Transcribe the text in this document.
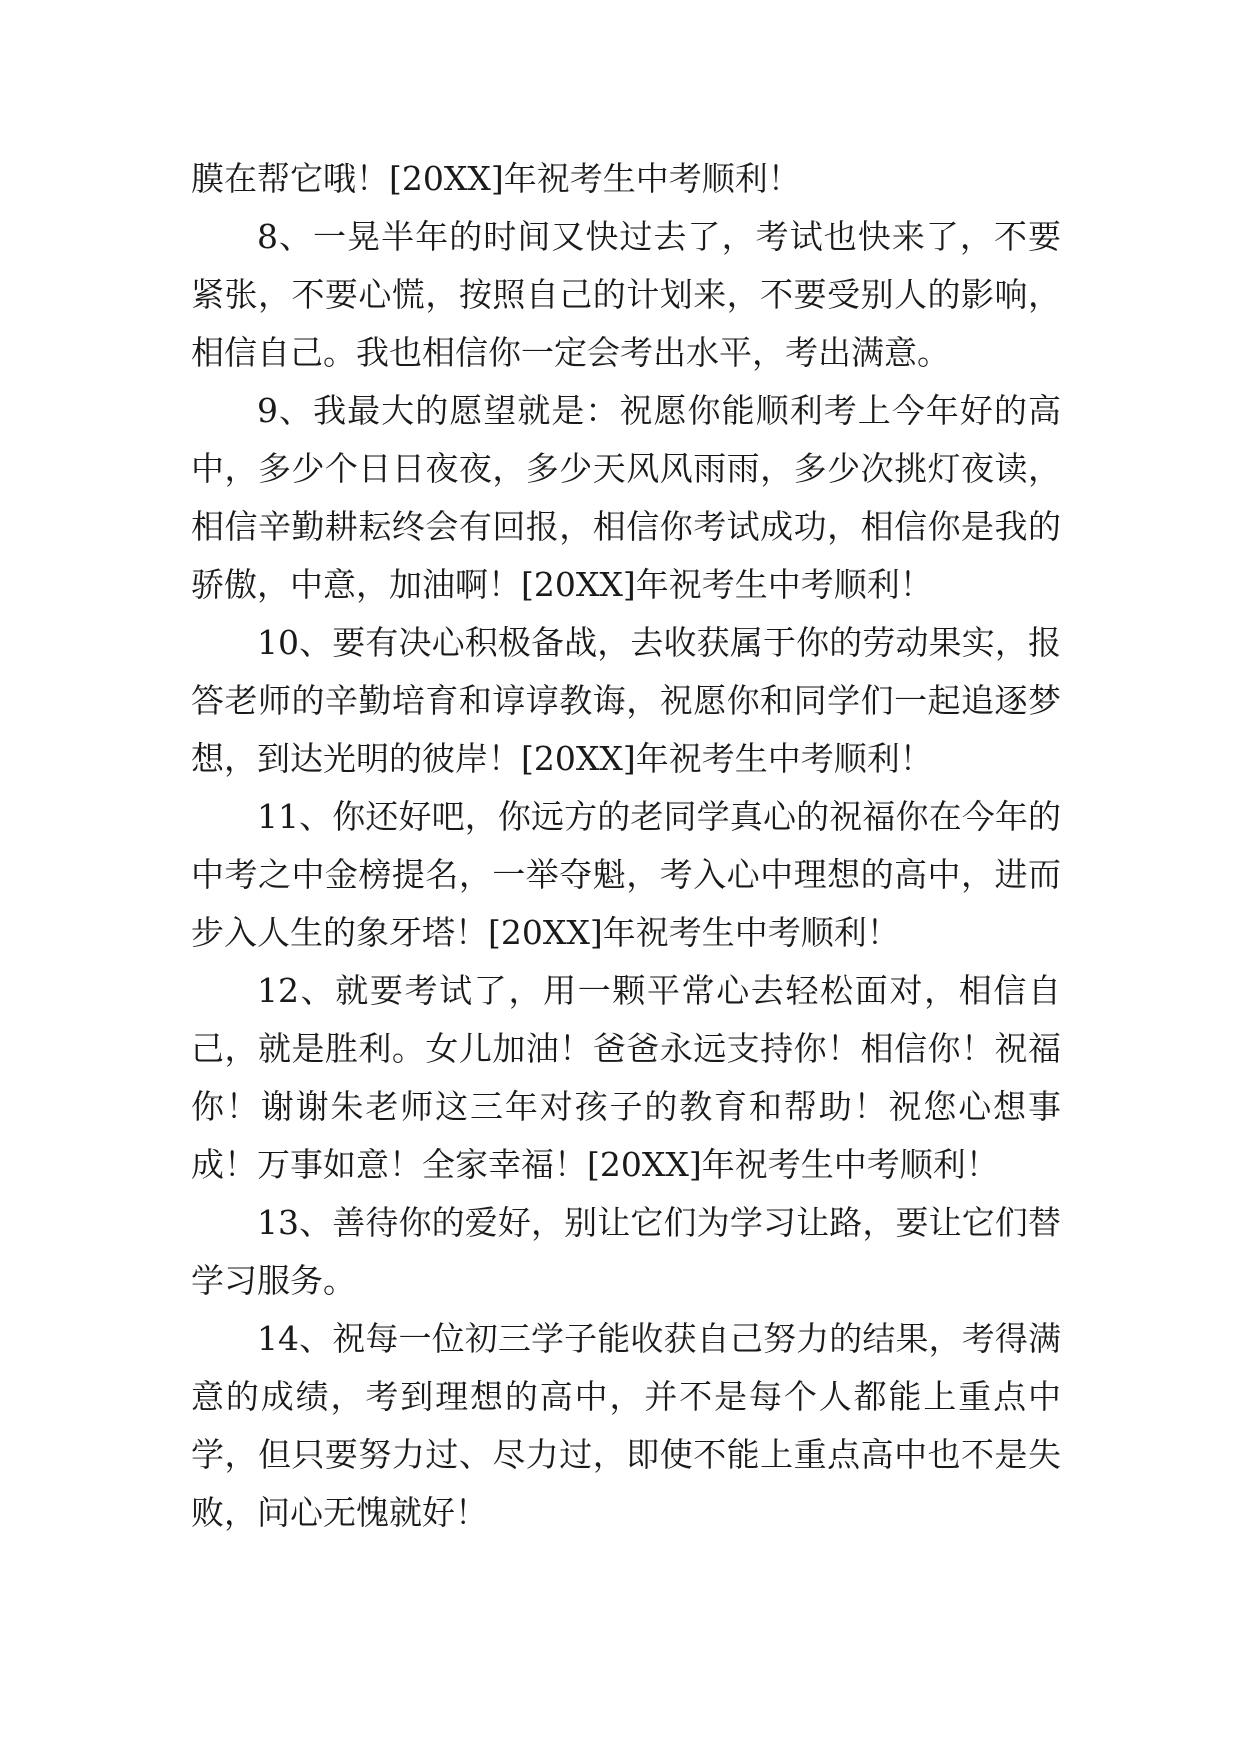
膜在帮它哦！[20XX]年祝考生中考顺利！

8、一晃半年的时间又快过去了，考试也快来了，不要紧张，不要心慌，按照自己的计划来，不要受别人的影响，相信自己。我也相信你一定会考出水平，考出满意。

9、我最大的愿望就是：祝愿你能顺利考上今年好的高中，多少个日日夜夜，多少天风风雨雨，多少次挑灯夜读，相信辛勤耕耘终会有回报，相信你考试成功，相信你是我的骄傲，中意，加油啊！[20XX]年祝考生中考顺利！

10、要有决心积极备战，去收获属于你的劳动果实，报答老师的辛勤培育和谆谆教诲，祝愿你和同学们一起追逐梦想，到达光明的彼岸！[20XX]年祝考生中考顺利！

11、你还好吧，你远方的老同学真心的祝福你在今年的中考之中金榜提名，一举夺魁，考入心中理想的高中，进而步入人生的象牙塔！[20XX]年祝考生中考顺利！

12、就要考试了，用一颗平常心去轻松面对，相信自己，就是胜利。女儿加油！爸爸永远支持你！相信你！祝福你！谢谢朱老师这三年对孩子的教育和帮助！祝您心想事成！万事如意！全家幸福！[20XX]年祝考生中考顺利！

13、善待你的爱好，别让它们为学习让路，要让它们替学习服务。

14、祝每一位初三学子能收获自己努力的结果，考得满意的成绩，考到理想的高中，并不是每个人都能上重点中学，但只要努力过、尽力过，即使不能上重点高中也不是失败，问心无愧就好！
